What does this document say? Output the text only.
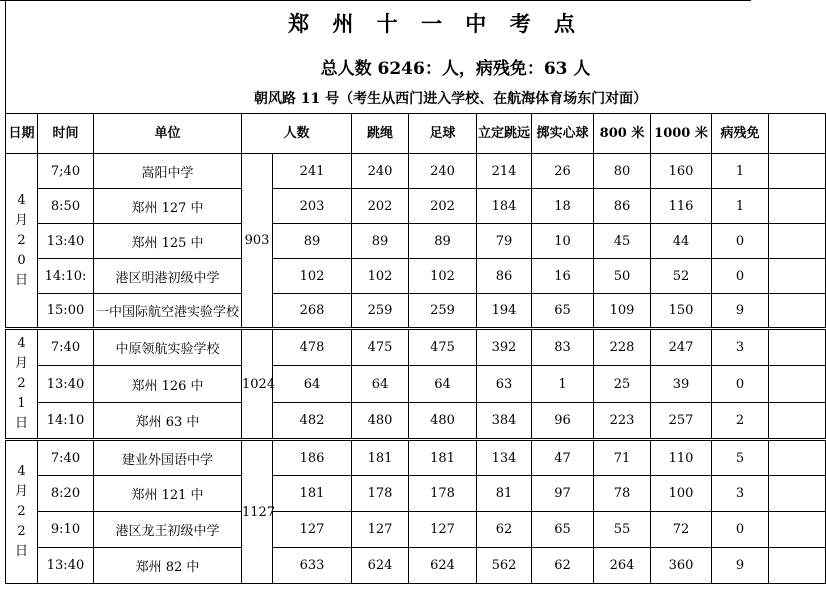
郑 州 十 一 中 考 点
总人数 6246：人，病残免：63 人
朝风路 11 号（考生从西门进入学校、在航海体育场东门对面）
日期	时间	单位	人数		跳绳	足球	立定跳远	掷实心球	800 米	1000 米	病残免	
4月20日	7;40	嵩阳中学	903	241	240	240	214	26	80	160	1	
	8:50	郑州 127 中		203	202	202	184	18	86	116	1	
	13:40	郑州 125 中		89	89	89	79	10	45	44	0	
	14:10:	港区明港初级中学		102	102	102	86	16	50	52	0	
	15:00	一中国际航空港实验学校		268	259	259	194	65	109	150	9	
4月21日	7:40	中原领航实验学校	1024	478	475	475	392	83	228	247	3	
	13:40	郑州 126 中		64	64	64	63	1	25	39	0	
	14:10	郑州 63 中		482	480	480	384	96	223	257	2	
4月22日	7:40	建业外国语中学	1127	186	181	181	134	47	71	110	5	
	8:20	郑州 121 中		181	178	178	81	97	78	100	3	
	9:10	港区龙王初级中学		127	127	127	62	65	55	72	0	
	13:40	郑州 82 中		633	624	624	562	62	264	360	9	
